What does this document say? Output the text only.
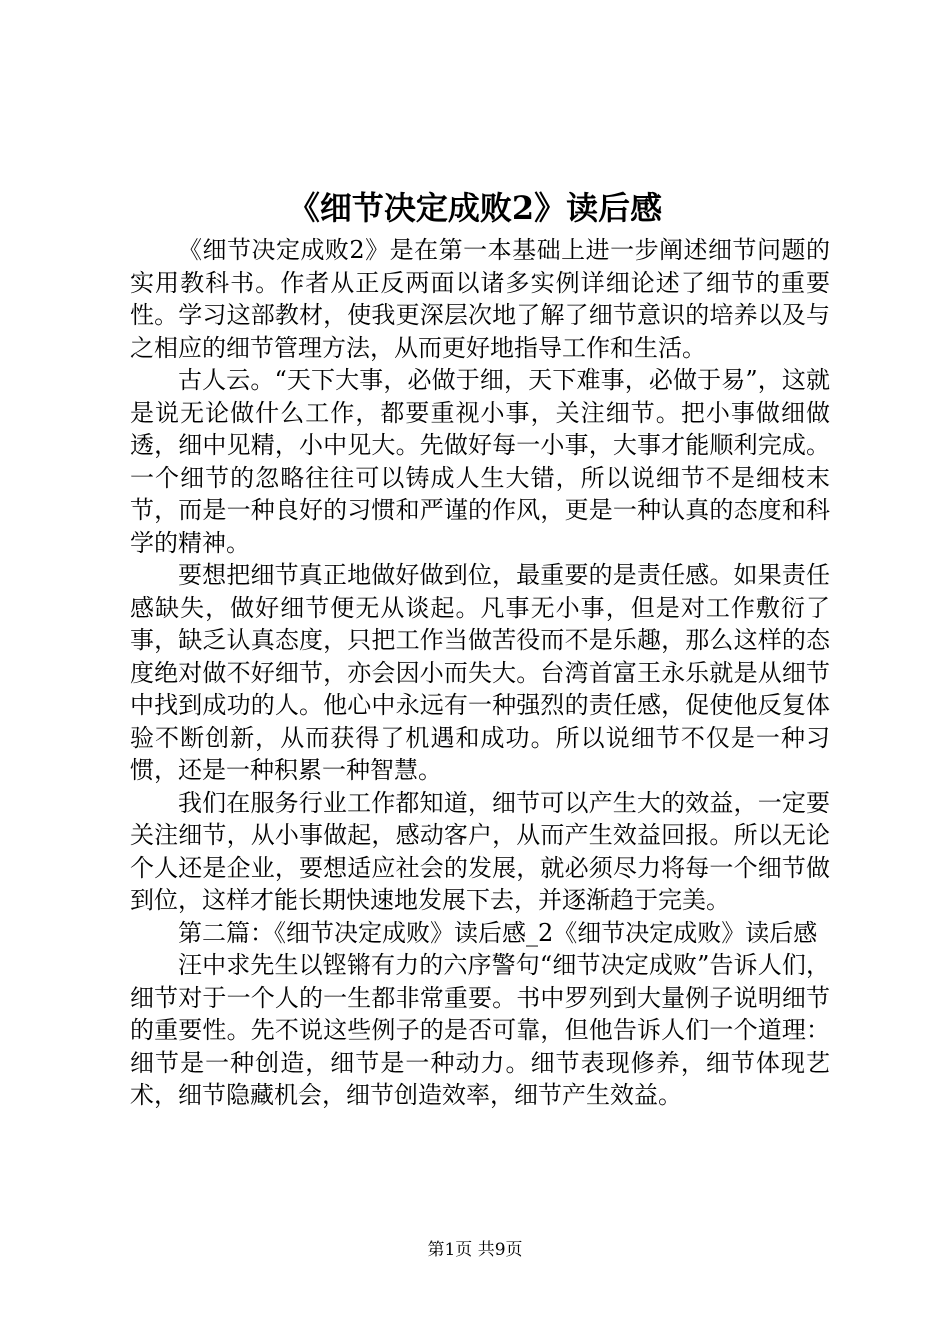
《细节决定成败2》读后感

《细节决定成败2》是在第一本基础上进一步阐述细节问题的实用教科书。作者从正反两面以诸多实例详细论述了细节的重要性。学习这部教材，使我更深层次地了解了细节意识的培养以及与之相应的细节管理方法，从而更好地指导工作和生活。

古人云。“天下大事，必做于细，天下难事，必做于易”，这就是说无论做什么工作，都要重视小事，关注细节。把小事做细做透，细中见精，小中见大。先做好每一小事，大事才能顺利完成。一个细节的忽略往往可以铸成人生大错，所以说细节不是细枝末节，而是一种良好的习惯和严谨的作风，更是一种认真的态度和科学的精神。

要想把细节真正地做好做到位，最重要的是责任感。如果责任感缺失，做好细节便无从谈起。凡事无小事，但是对工作敷衍了事，缺乏认真态度，只把工作当做苦役而不是乐趣，那么这样的态度绝对做不好细节，亦会因小而失大。台湾首富王永乐就是从细节中找到成功的人。他心中永远有一种强烈的责任感，促使他反复体验不断创新，从而获得了机遇和成功。所以说细节不仅是一种习惯，还是一种积累一种智慧。

我们在服务行业工作都知道，细节可以产生大的效益，一定要关注细节，从小事做起，感动客户，从而产生效益回报。所以无论个人还是企业，要想适应社会的发展，就必须尽力将每一个细节做到位，这样才能长期快速地发展下去，并逐渐趋于完美。

第二篇：《细节决定成败》读后感_2《细节决定成败》读后感

汪中求先生以铿锵有力的六序警句“细节决定成败”告诉人们，细节对于一个人的一生都非常重要。书中罗列到大量例子说明细节的重要性。先不说这些例子的是否可靠，但他告诉人们一个道理：细节是一种创造，细节是一种动力。细节表现修养，细节体现艺术，细节隐藏机会，细节创造效率，细节产生效益。

第1页 共9页
